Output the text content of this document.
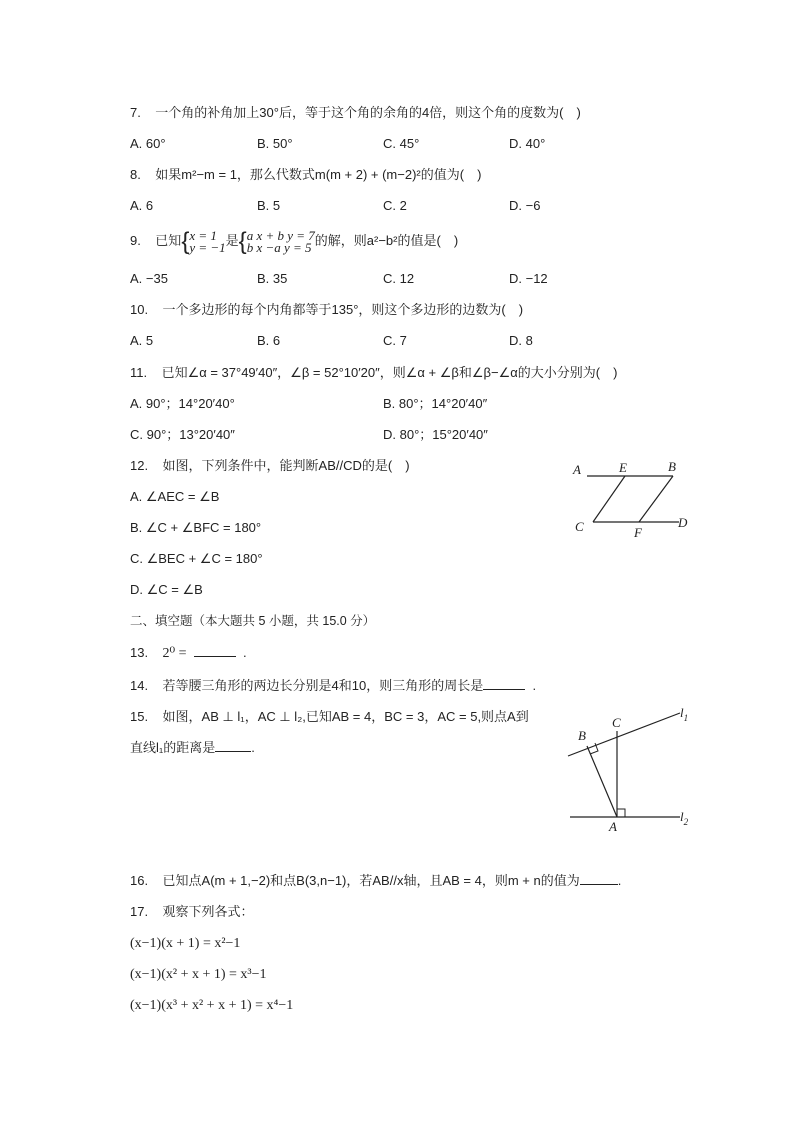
7. 一个角的补角加上30°后，等于这个角的余角的4倍，则这个角的度数为(　)
A. 60°	B. 50°	C. 45°	D. 40°
8. 如果m²−m = 1，那么代数式m(m + 2) + (m−2)²的值为(　)
A. 6	B. 5	C. 2	D. −6
9. 已知{x = 1
y = −1是{a x + b y = 7
b x −a y = 5 的解，则a²−b²的值是(　)
A. −35	B. 35	C. 12	D. −12
10. 一个多边形的每个内角都等于135°，则这个多边形的边数为(　)
A. 5	B. 6	C. 7	D. 8
11. 已知∠α = 37°49′40″，∠β = 52°10′20″，则∠α + ∠β和∠β−∠α的大小分别为(　)
A. 90°；14°20′40°	B. 80°；14°20′40″
C. 90°；13°20′40″	D. 80°；15°20′40″
12. 如图，下列条件中，能判断AB//CD的是(　)
A. ∠AEC = ∠B
B. ∠C + ∠BFC = 180°
C. ∠BEC + ∠C = 180°
D. ∠C = ∠B
A	E	B
C	F
D
二、填空题（本大题共 5 小题，共 15.0 分）
13. 2⁰ =	.
14. 若等腰三角形的两边长分别是4和10，则三角形的周长是	.
15. 如图，AB ⊥ l₁，AC ⊥ l₂,已知AB = 4，BC = 3，AC = 5,则点A到
直线l₁的距离是	.
B
C
A
$l_1$
$l_2$
16. 已知点A(m + 1,−2)和点B(3,n−1)，若AB//x轴，且AB = 4，则m + n的值为	.
17. 观察下列各式：
(x−1)(x + 1) = x²−1
(x−1)(x² + x + 1) = x³−1
(x−1)(x³ + x² + x + 1) = x⁴−1
